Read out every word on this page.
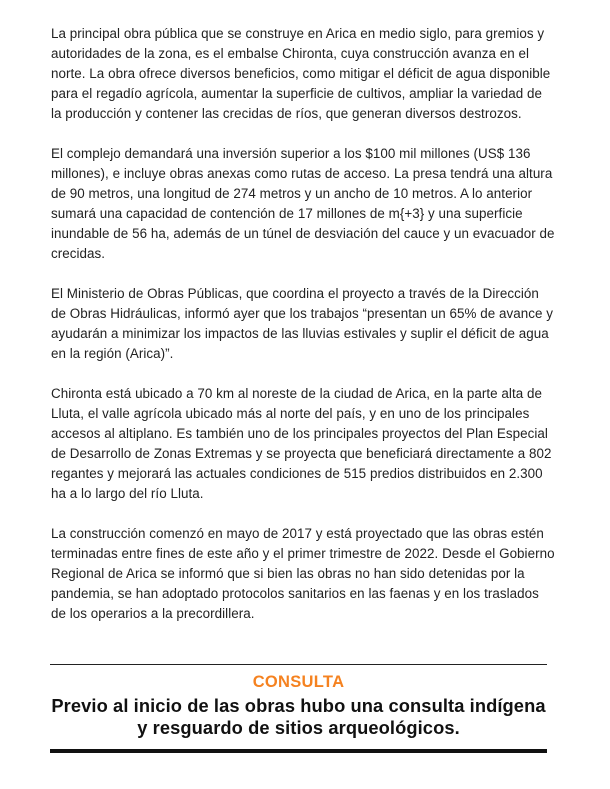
La principal obra pública que se construye en Arica en medio siglo, para gremios y autoridades de la zona, es el embalse Chironta, cuya construcción avanza en el norte. La obra ofrece diversos beneficios, como mitigar el déficit de agua disponible para el regadío agrícola, aumentar la superficie de cultivos, ampliar la variedad de la producción y contener las crecidas de ríos, que generan diversos destrozos.

El complejo demandará una inversión superior a los $100 mil millones (US$ 136 millones), e incluye obras anexas como rutas de acceso. La presa tendrá una altura de 90 metros, una longitud de 274 metros y un ancho de 10 metros. A lo anterior sumará una capacidad de contención de 17 millones de m{+3} y una superficie inundable de 56 ha, además de un túnel de desviación del cauce y un evacuador de crecidas.

El Ministerio de Obras Públicas, que coordina el proyecto a través de la Dirección de Obras Hidráulicas, informó ayer que los trabajos “presentan un 65% de avance y ayudarán a minimizar los impactos de las lluvias estivales y suplir el déficit de agua en la región (Arica)”.

Chironta está ubicado a 70 km al noreste de la ciudad de Arica, en la parte alta de Lluta, el valle agrícola ubicado más al norte del país, y en uno de los principales accesos al altiplano. Es también uno de los principales proyectos del Plan Especial de Desarrollo de Zonas Extremas y se proyecta que beneficiará directamente a 802 regantes y mejorará las actuales condiciones de 515 predios distribuidos en 2.300 ha a lo largo del río Lluta.

La construcción comenzó en mayo de 2017 y está proyectado que las obras estén terminadas entre fines de este año y el primer trimestre de 2022. Desde el Gobierno Regional de Arica se informó que si bien las obras no han sido detenidas por la pandemia, se han adoptado protocolos sanitarios en las faenas y en los traslados de los operarios a la precordillera.

CONSULTA
Previo al inicio de las obras hubo una consulta indígena y resguardo de sitios arqueológicos.
